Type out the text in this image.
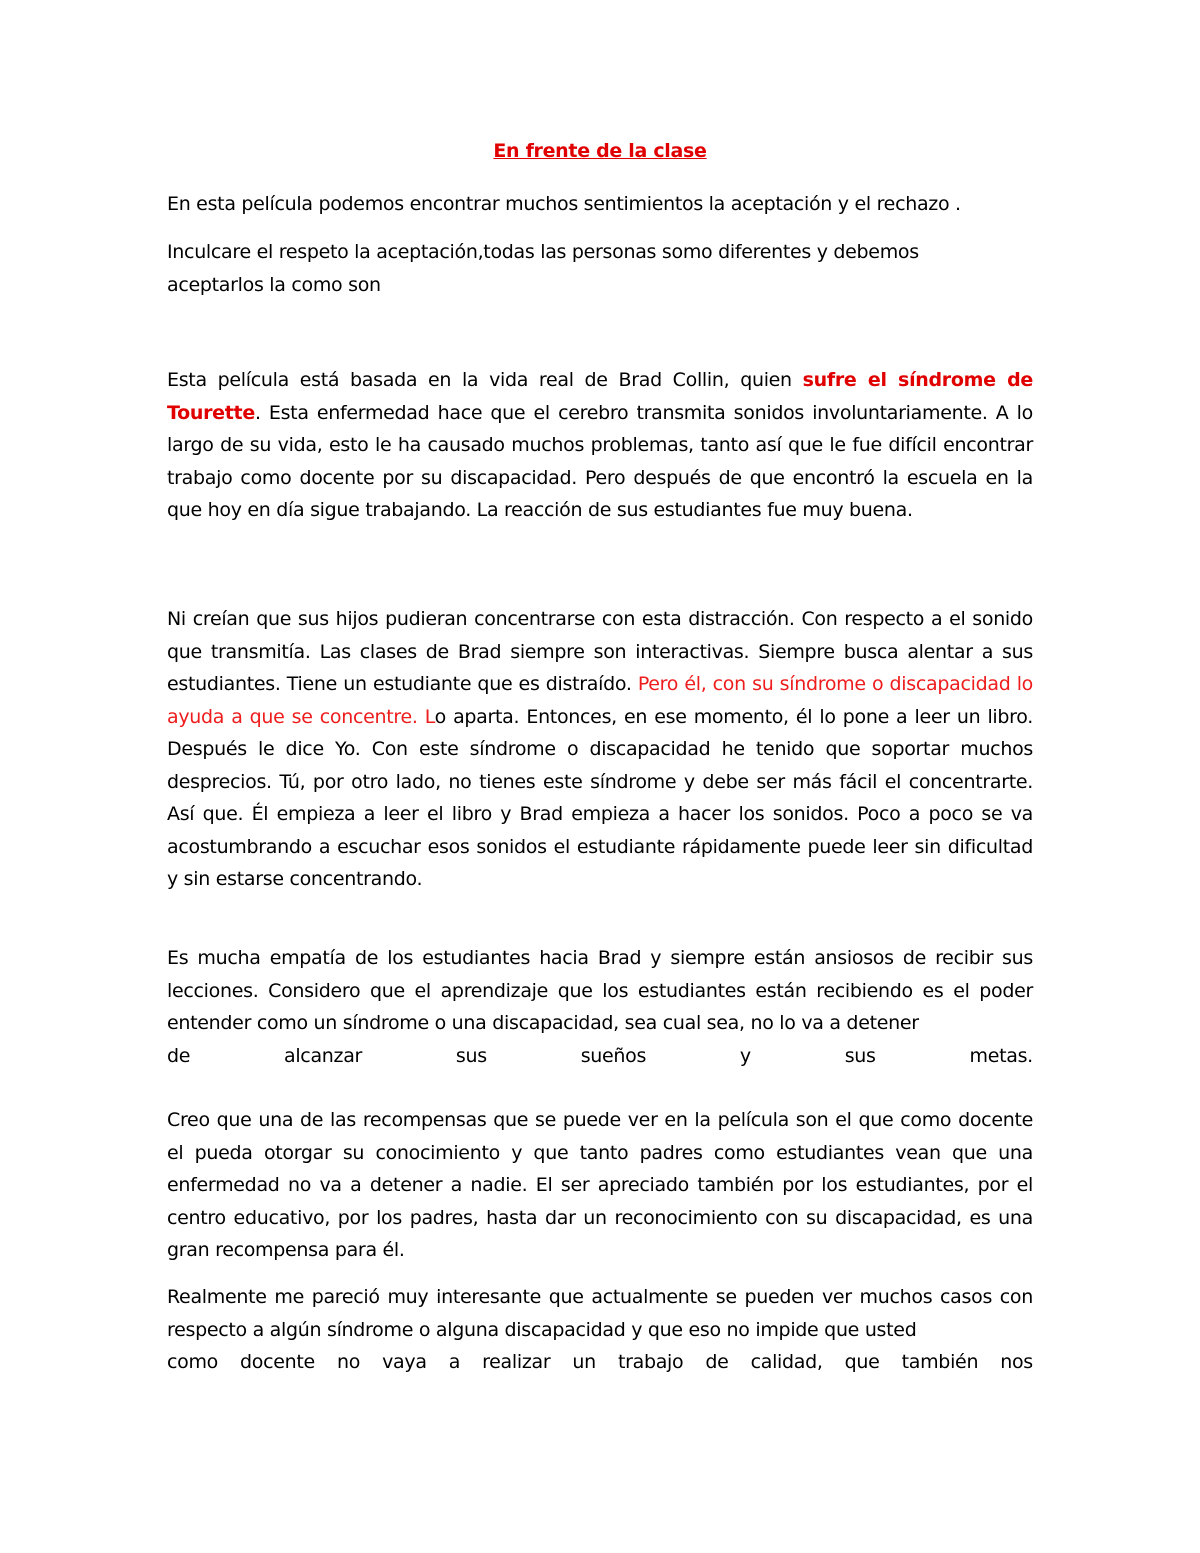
En frente de la clase

En esta película podemos encontrar muchos sentimientos la aceptación y el rechazo .

Inculcare el respeto la aceptación,todas las personas somo diferentes y debemos
aceptarlos la como son

Esta película está basada en la vida real de Brad Collin, quien sufre el síndrome de Tourette. Esta enfermedad hace que el cerebro transmita sonidos involuntariamente. A lo largo de su vida, esto le ha causado muchos problemas, tanto así que le fue difícil encontrar trabajo como docente por su discapacidad. Pero después de que encontró la escuela en la que hoy en día sigue trabajando. La reacción de sus estudiantes fue muy buena.

Ni creían que sus hijos pudieran concentrarse con esta distracción. Con respecto a el sonido que transmitía. Las clases de Brad siempre son interactivas. Siempre busca alentar a sus estudiantes. Tiene un estudiante que es distraído. Pero él, con su síndrome o discapacidad lo ayuda a que se concentre. Lo aparta. Entonces, en ese momento, él lo pone a leer un libro. Después le dice Yo. Con este síndrome o discapacidad he tenido que soportar muchos desprecios. Tú, por otro lado, no tienes este síndrome y debe ser más fácil el concentrarte. Así que. Él empieza a leer el libro y Brad empieza a hacer los sonidos. Poco a poco se va acostumbrando a escuchar esos sonidos el estudiante rápidamente puede leer sin dificultad y sin estarse concentrando.

Es mucha empatía de los estudiantes hacia Brad y siempre están ansiosos de recibir sus lecciones. Considero que el aprendizaje que los estudiantes están recibiendo es el poder entender como un síndrome o una discapacidad, sea cual sea, no lo va a detener

de	alcanzar	sus	sueños	y	sus	metas.

Creo que una de las recompensas que se puede ver en la película son el que como docente el pueda otorgar su conocimiento y que tanto padres como estudiantes vean que una enfermedad no va a detener a nadie. El ser apreciado también por los estudiantes, por el centro educativo, por los padres, hasta dar un reconocimiento con su discapacidad, es una gran recompensa para él.

Realmente me pareció muy interesante que actualmente se pueden ver muchos casos con respecto a algún síndrome o alguna discapacidad y que eso no impide que usted

como docente no vaya a realizar un trabajo de calidad, que también nos
